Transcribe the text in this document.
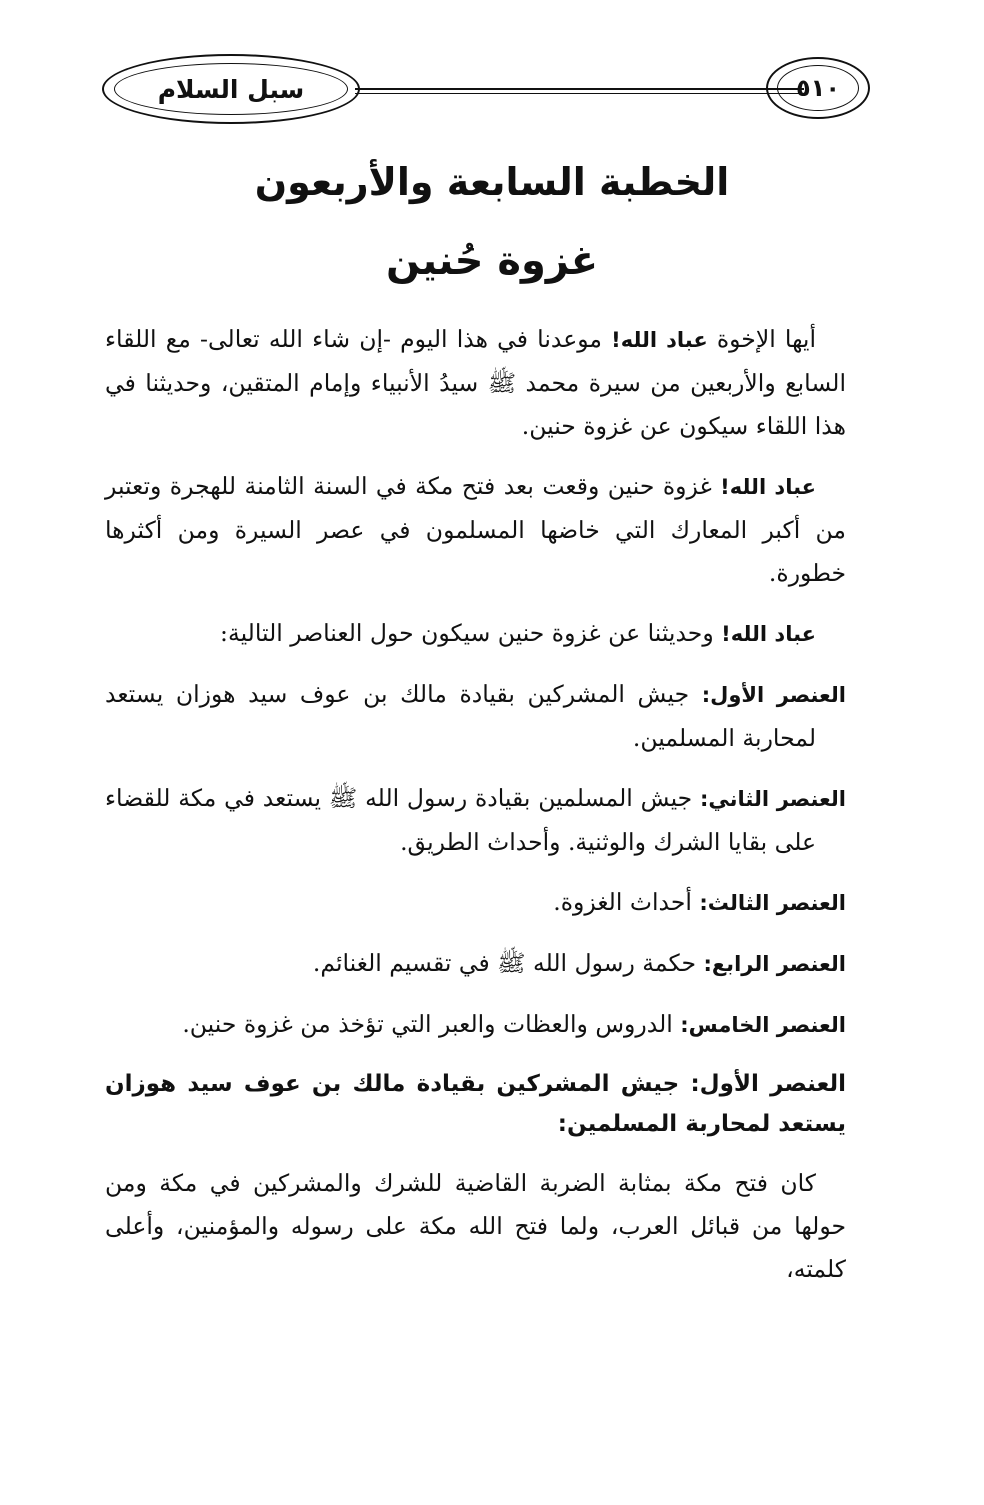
سبل السلام	٥١٠
الخطبة السابعة والأربعون
غزوة حُنين

أيها الإخوة عباد الله! موعدنا في هذا اليوم -إن شاء الله تعالى- مع اللقاء السابع والأربعين من سيرة محمد ﷺ سيدُ الأنبياء وإمام المتقين، وحديثنا في هذا اللقاء سيكون عن غزوة حنين.

عباد الله! غزوة حنين وقعت بعد فتح مكة في السنة الثامنة للهجرة وتعتبر من أكبر المعارك التي خاضها المسلمون في عصر السيرة ومن أكثرها خطورة.

عباد الله! وحديثنا عن غزوة حنين سيكون حول العناصر التالية:

العنصر الأول: جيش المشركين بقيادة مالك بن عوف سيد هوزان يستعد لمحاربة المسلمين.

العنصر الثاني: جيش المسلمين بقيادة رسول الله ﷺ يستعد في مكة للقضاء على بقايا الشرك والوثنية. وأحداث الطريق.

العنصر الثالث: أحداث الغزوة.

العنصر الرابع: حكمة رسول الله ﷺ في تقسيم الغنائم.

العنصر الخامس: الدروس والعظات والعبر التي تؤخذ من غزوة حنين.

العنصر الأول: جيش المشركين بقيادة مالك بن عوف سيد هوزان يستعد لمحاربة المسلمين:

كان فتح مكة بمثابة الضربة القاضية للشرك والمشركين في مكة ومن حولها من قبائل العرب، ولما فتح الله مكة على رسوله والمؤمنين، وأعلى كلمته،
